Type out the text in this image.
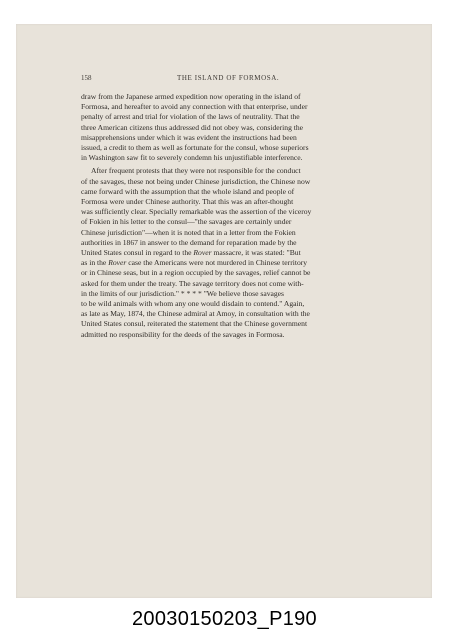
158	THE ISLAND OF FORMOSA.
draw from the Japanese armed expedition now operating in the island of
Formosa, and hereafter to avoid any connection with that enterprise, under
penalty of arrest and trial for violation of the laws of neutrality. That the
three American citizens thus addressed did not obey was, considering the
misapprehensions under which it was evident the instructions had been
issued, a credit to them as well as fortunate for the consul, whose superiors
in Washington saw fit to severely condemn his unjustifiable interference.
After frequent protests that they were not responsible for the conduct
of the savages, these not being under Chinese jurisdiction, the Chinese now
came forward with the assumption that the whole island and people of
Formosa were under Chinese authority. That this was an after-thought
was sufficiently clear. Specially remarkable was the assertion of the viceroy
of Fokien in his letter to the consul—"the savages are certainly under
Chinese jurisdiction"—when it is noted that in a letter from the Fokien
authorities in 1867 in answer to the demand for reparation made by the
United States consul in regard to the Rover massacre, it was stated: "But
as in the Rover case the Americans were not murdered in Chinese territory
or in Chinese seas, but in a region occupied by the savages, relief cannot be
asked for them under the treaty. The savage territory does not come with-
in the limits of our jurisdiction." * * * * "We believe those savages
to be wild animals with whom any one would disdain to contend." Again,
as late as May, 1874, the Chinese admiral at Amoy, in consultation with the
United States consul, reiterated the statement that the Chinese government
admitted no responsibility for the deeds of the savages in Formosa.
20030150203_P190
